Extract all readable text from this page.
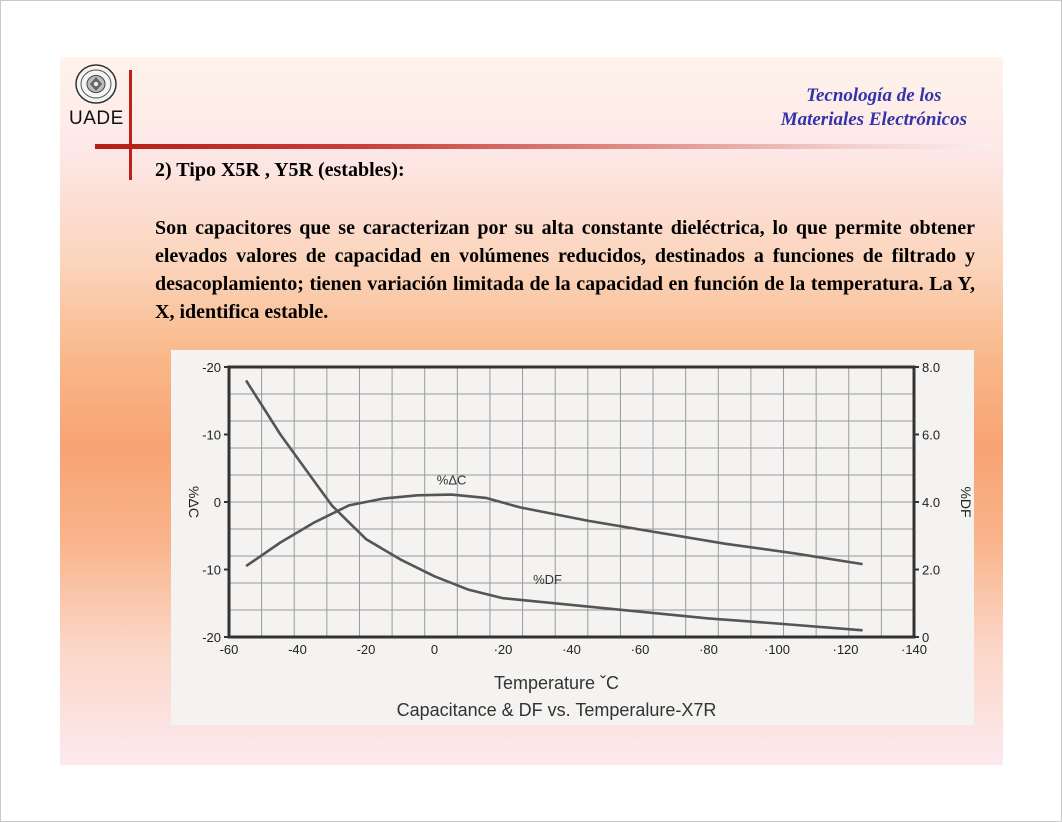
UADE
Tecnología de los
Materiales Electrónicos
2) Tipo X5R , Y5R (estables):

Son capacitores que se caracterizan por su alta constante dieléctrica, lo que permite obtener elevados valores de capacidad en volúmenes reducidos, destinados a funciones de filtrado y desacoplamiento; tienen variación limitada de la capacidad en función de la temperatura. La Y, X, identifica estable.

-60	-40	-20	0	·20	·40	·60	·80	·100	·120	·140
-20
-10
0
-10
-20
8.0
6.0
4.0
2.0
0
%ΔC	%DF
Temperature ˇC
Capacitance & DF vs. Temperalure-X7R
%ΔC
%DF
